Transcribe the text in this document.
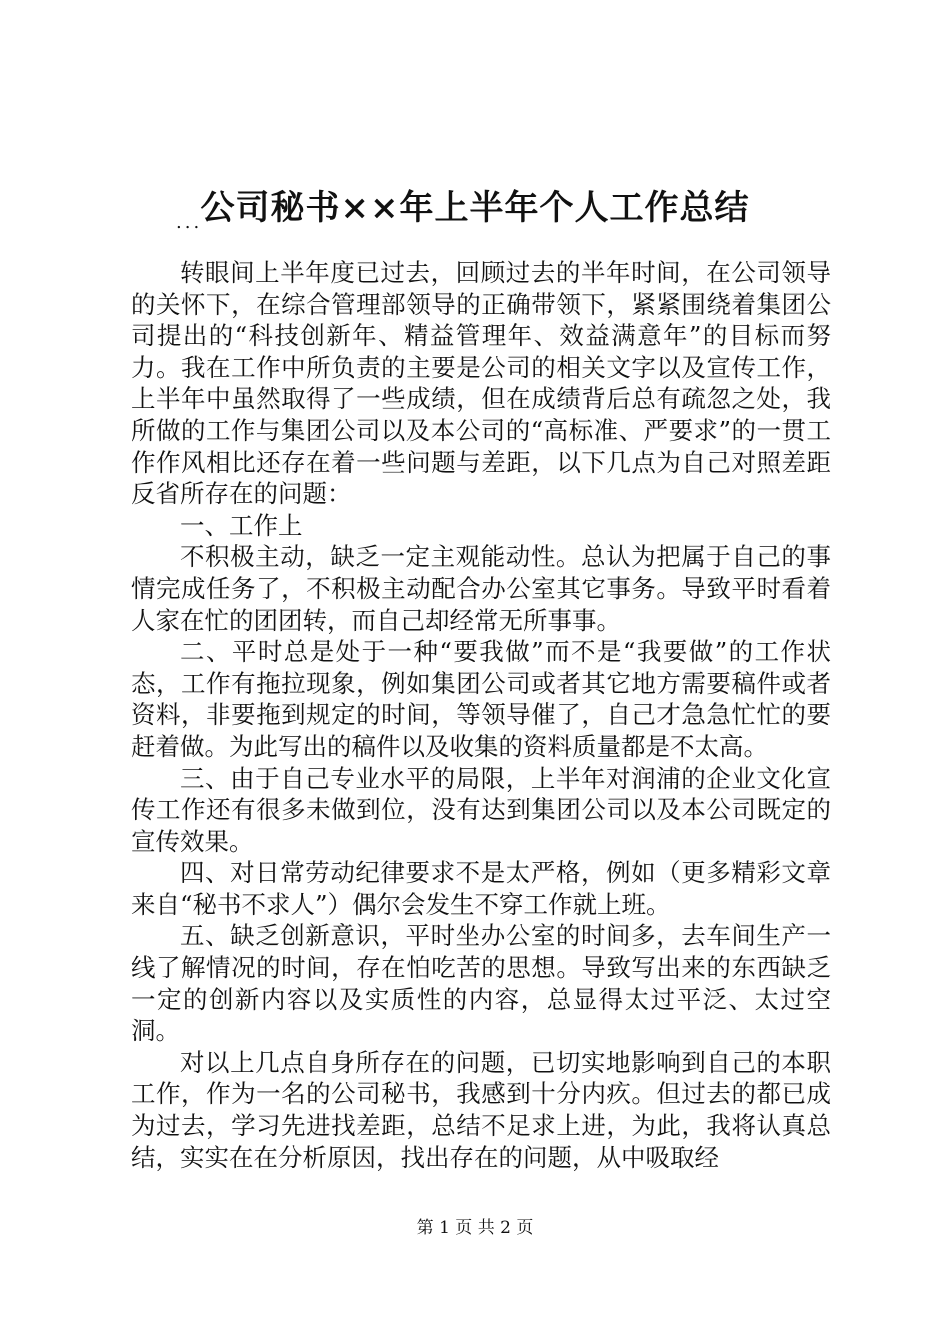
公司秘书××年上半年个人工作总结
...

转眼间上半年度已过去，回顾过去的半年时间，在公司领导的关怀下，在综合管理部领导的正确带领下，紧紧围绕着集团公司提出的“科技创新年、精益管理年、效益满意年”的目标而努力。我在工作中所负责的主要是公司的相关文字以及宣传工作，上半年中虽然取得了一些成绩，但在成绩背后总有疏忽之处，我所做的工作与集团公司以及本公司的“高标准、严要求”的一贯工作作风相比还存在着一些问题与差距，以下几点为自己对照差距反省所存在的问题：

一、工作上

不积极主动，缺乏一定主观能动性。总认为把属于自己的事情完成任务了，不积极主动配合办公室其它事务。导致平时看着人家在忙的团团转，而自己却经常无所事事。

二、平时总是处于一种“要我做”而不是“我要做”的工作状态，工作有拖拉现象，例如集团公司或者其它地方需要稿件或者资料，非要拖到规定的时间，等领导催了，自己才急急忙忙的要赶着做。为此写出的稿件以及收集的资料质量都是不太高。

三、由于自己专业水平的局限，上半年对润浦的企业文化宣传工作还有很多未做到位，没有达到集团公司以及本公司既定的宣传效果。

四、对日常劳动纪律要求不是太严格，例如（更多精彩文章来自“秘书不求人”）偶尔会发生不穿工作就上班。

五、缺乏创新意识，平时坐办公室的时间多，去车间生产一线了解情况的时间，存在怕吃苦的思想。导致写出来的东西缺乏一定的创新内容以及实质性的内容，总显得太过平泛、太过空洞。

对以上几点自身所存在的问题，已切实地影响到自己的本职工作，作为一名的公司秘书，我感到十分内疚。但过去的都已成为过去，学习先进找差距，总结不足求上进，为此，我将认真总结，实实在在分析原因，找出存在的问题，从中吸取经

第 1 页 共 2 页
